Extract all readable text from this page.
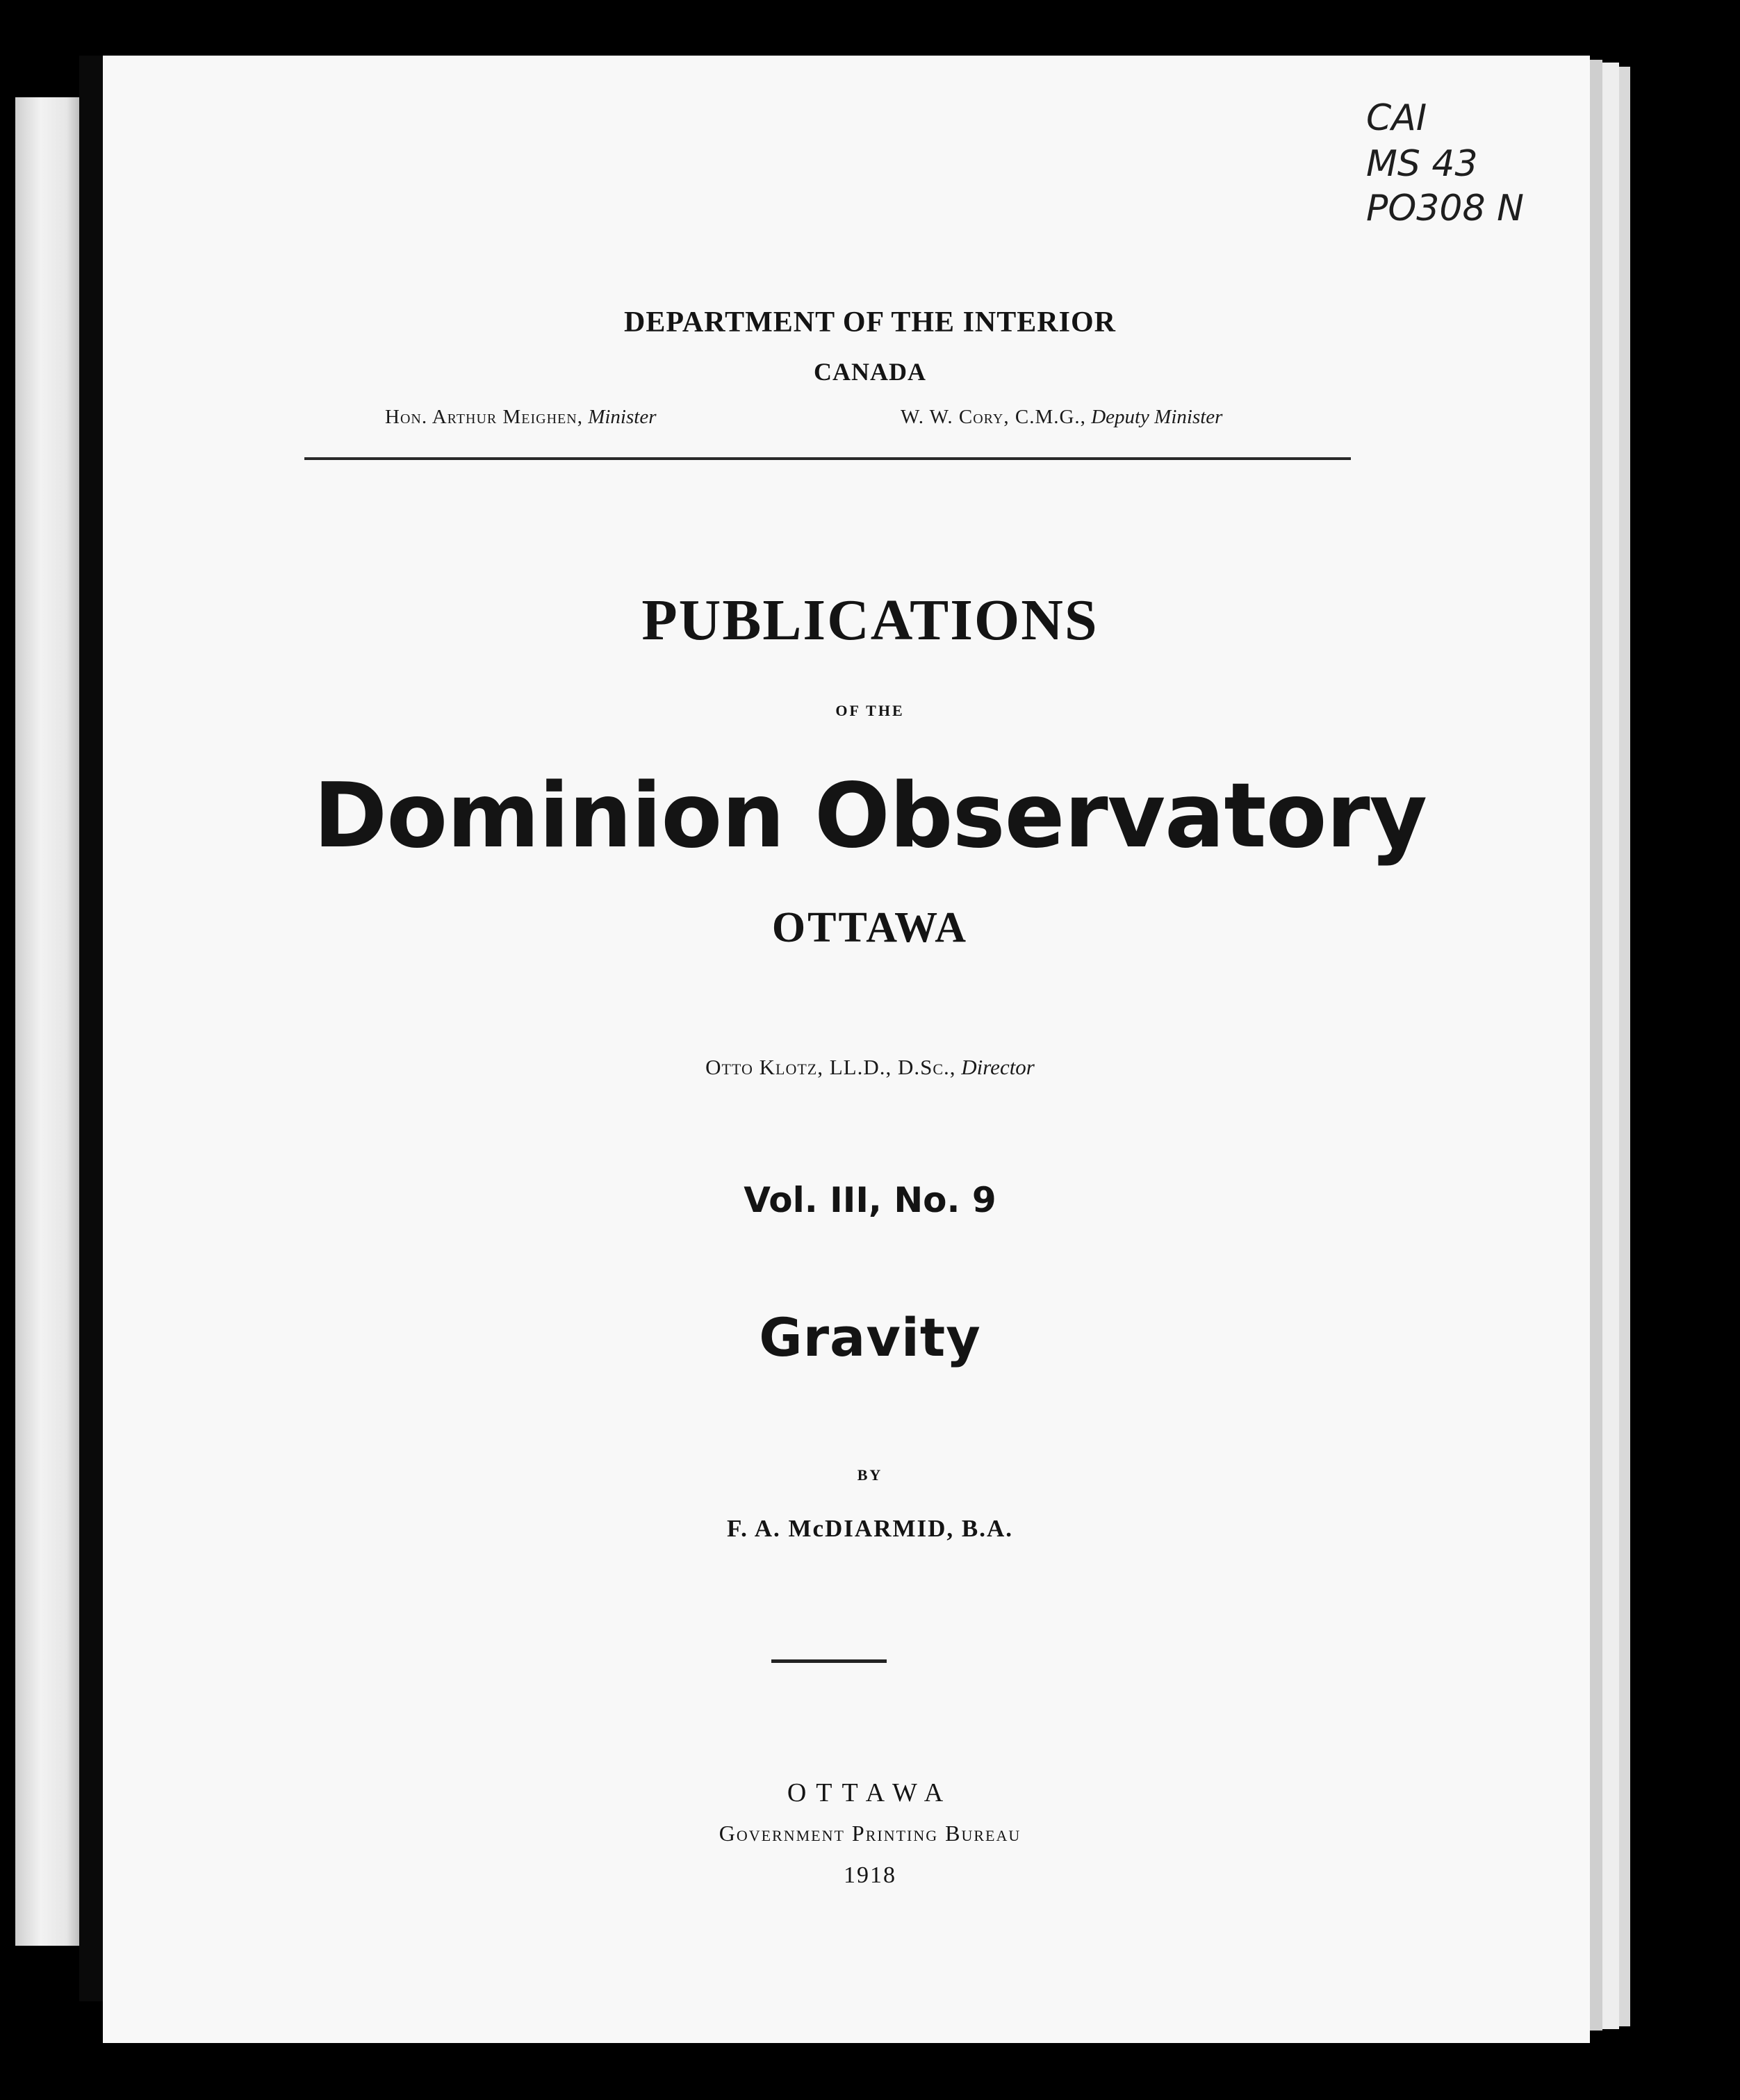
CAI
MS 43
PO308 N
DEPARTMENT OF THE INTERIOR
CANADA
Hon. Arthur Meighen, Minister	W. W. Cory, C.M.G., Deputy Minister
PUBLICATIONS
OF THE
Dominion Observatory
OTTAWA
Otto Klotz, LL.D., D.Sc., Director
Vol. III, No. 9
Gravity
BY
F. A. McDIARMID, B.A.
OTTAWA
Government Printing Bureau
1918
